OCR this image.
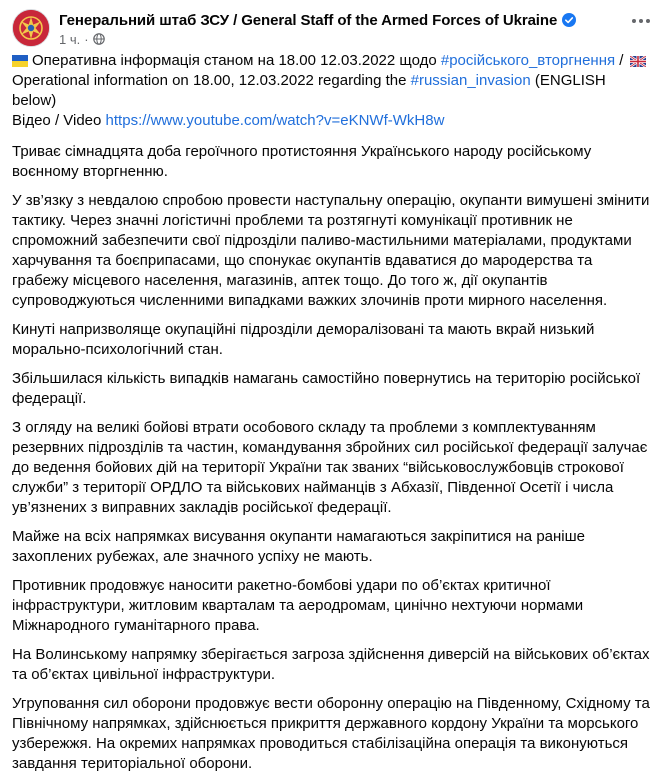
Генеральний штаб ЗСУ / General Staff of the Armed Forces of Ukraine
1 ч. ·

Оперативна інформація станом на 18.00 12.03.2022 щодо #російського_вторгнення /
Operational information on 18.00, 12.03.2022 regarding the #russian_invasion (ENGLISH below)
Відео / Video https://www.youtube.com/watch?v=eKNWf-WkH8w

Триває сімнадцята доба героїчного протистояння Українського народу російському воєнному вторгненню.

У зв’язку з невдалою спробою провести наступальну операцію, окупанти вимушені змінити тактику. Через значні логістичні проблеми та розтягнуті комунікації противник не спроможний забезпечити свої підрозділи паливо-мастильними матеріалами, продуктами харчування та боєприпасами, що спонукає окупантів вдаватися до мародерства та грабежу місцевого населення, магазинів, аптек тощо. До того ж, дії окупантів супроводжуються численними випадками важких злочинів проти мирного населення.

Кинуті напризволяще окупаційні підрозділи деморалізовані та мають вкрай низький морально-психологічний стан.

Збільшилася кількість випадків намагань самостійно повернутись на територію російської федерації.

З огляду на великі бойові втрати особового складу та проблеми з комплектуванням резервних підрозділів та частин, командування збройних сил російської федерації залучає до ведення бойових дій на території України так званих “військовослужбовців строкової служби” з території ОРДЛО та військових найманців з Абхазії, Південної Осетії і числа ув’язнених з виправних закладів російської федерації.

Майже на всіх напрямках висування окупанти намагаються закріпитися на раніше захоплених рубежах, але значного успіху не мають.

Противник продовжує наносити ракетно-бомбові удари по об’єктах критичної інфраструктури, житловим кварталам та аеродромам, цинічно нехтуючи нормами Міжнародного гуманітарного права.

На Волинському напрямку зберігається загроза здійснення диверсій на військових об’єктах та об’єктах цивільної інфраструктури.

Угруповання сил оборони продовжує вести оборонну операцію на Південному, Східному та Північному напрямках, здійснюється прикриття державного кордону України та морського узбережжя. На окремих напрямках проводиться стабілізаційна операція та виконуються завдання територіальної оборони.
